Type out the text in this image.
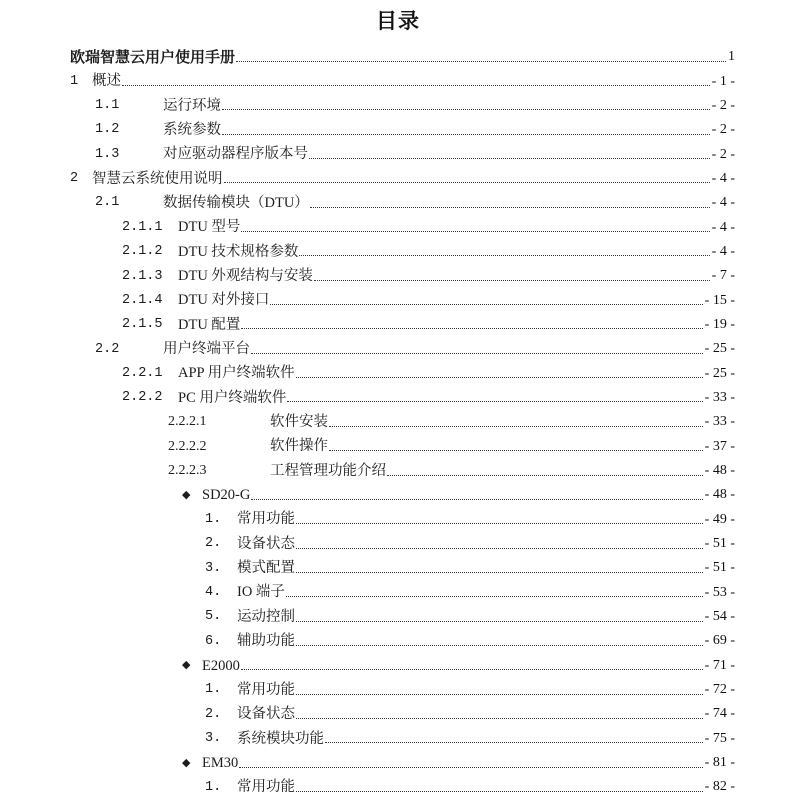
目录
欧瑞智慧云用户使用手册	1
1 概述	- 1 -
1.1	运行环境	- 2 -
1.2	系统参数	- 2 -
1.3	对应驱动器程序版本号	- 2 -
2 智慧云系统使用说明	- 4 -
2.1	数据传输模块（DTU）	- 4 -
2.1.1	DTU 型号	- 4 -
2.1.2	DTU 技术规格参数	- 4 -
2.1.3	DTU 外观结构与安装	- 7 -
2.1.4	DTU 对外接口	- 15 -
2.1.5	DTU 配置	- 19 -
2.2	用户终端平台	- 25 -
2.2.1	APP 用户终端软件	- 25 -
2.2.2	PC 用户终端软件	- 33 -
2.2.2.1	软件安装	- 33 -
2.2.2.2	软件操作	- 37 -
2.2.2.3	工程管理功能介绍	- 48 -
◆ SD20-G	- 48 -
1.	常用功能	- 49 -
2.	设备状态	- 51 -
3.	模式配置	- 51 -
4.	IO 端子	- 53 -
5.	运动控制	- 54 -
6.	辅助功能	- 69 -
◆ E2000	- 71 -
1.	常用功能	- 72 -
2.	设备状态	- 74 -
3.	系统模块功能	- 75 -
◆ EM30	- 81 -
1.	常用功能	- 82 -
